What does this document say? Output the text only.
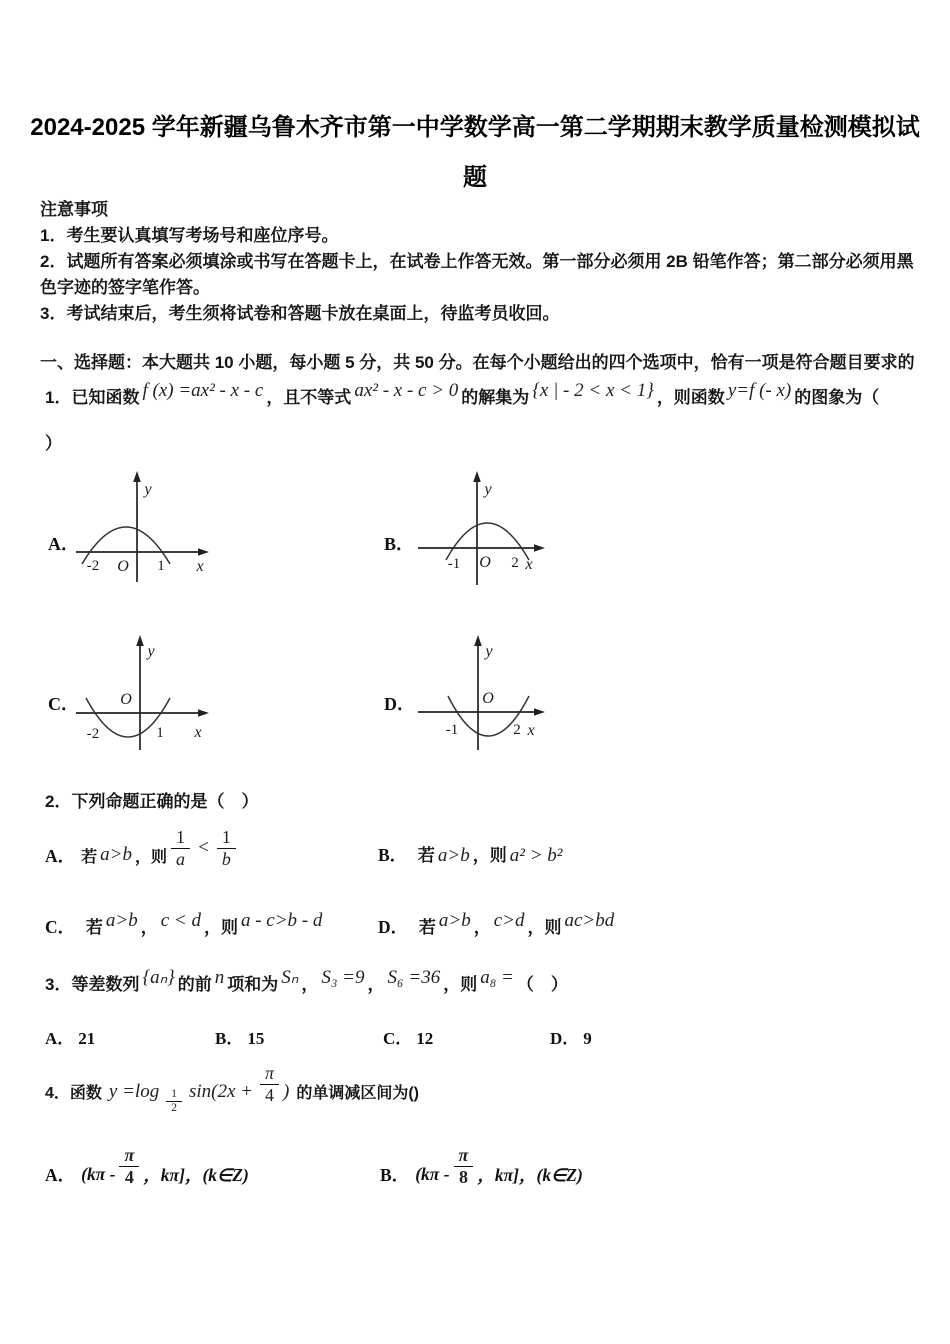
2024-2025 学年新疆乌鲁木齐市第一中学数学高一第二学期期末教学质量检测模拟试
题
注意事项
1．考生要认真填写考场号和座位序号。
2．试题所有答案必须填涂或书写在答题卡上，在试卷上作答无效。第一部分必须用 2B 铅笔作答；第二部分必须用黑色字迹的签字笔作答。
3．考试结束后，考生须将试卷和答题卡放在桌面上，待监考员收回。
一、选择题：本大题共 10 小题，每小题 5 分，共 50 分。在每个小题给出的四个选项中，恰有一项是符合题目要求的
1．已知函数 f (x) =ax² - x - c ，且不等式 ax² - x - c > 0 的解集为 {x | - 2 < x < 1} ，则函数 y=f (- x) 的图象为（
）
A．
-2 O 1 x
y
B．
-1 O 2 x
y
C．
-2
O
1 x
y
D．
-1
O
2 x
y
2．下列命题正确的是（　）
A． 若 a>b ，则 $\frac{1}{a} < \frac{1}{b}$	B． 若 a>b ，则 a² > b²
C． 若 a>b ， c < d ，则 a - c>b - d	D． 若 a>b ， c>d ，则 ac>bd
3．等差数列 {aₙ} 的前 n 项和为 Sₙ ， S₃ =9 ， S₆ =36 ，则 a₈ = （　）
A． 21	B． 15	C． 12	D． 9
4． 函数 $y =\log \frac{1}{2} \sin(2x + \frac{\pi}{4}$ ) 的单调减区间为()
A． ($k\pi - \frac{\pi}{4}$ ，kπ]，(k∈Z)	B． ($k\pi - \frac{\pi}{8}$ ，kπ]，(k∈Z)
